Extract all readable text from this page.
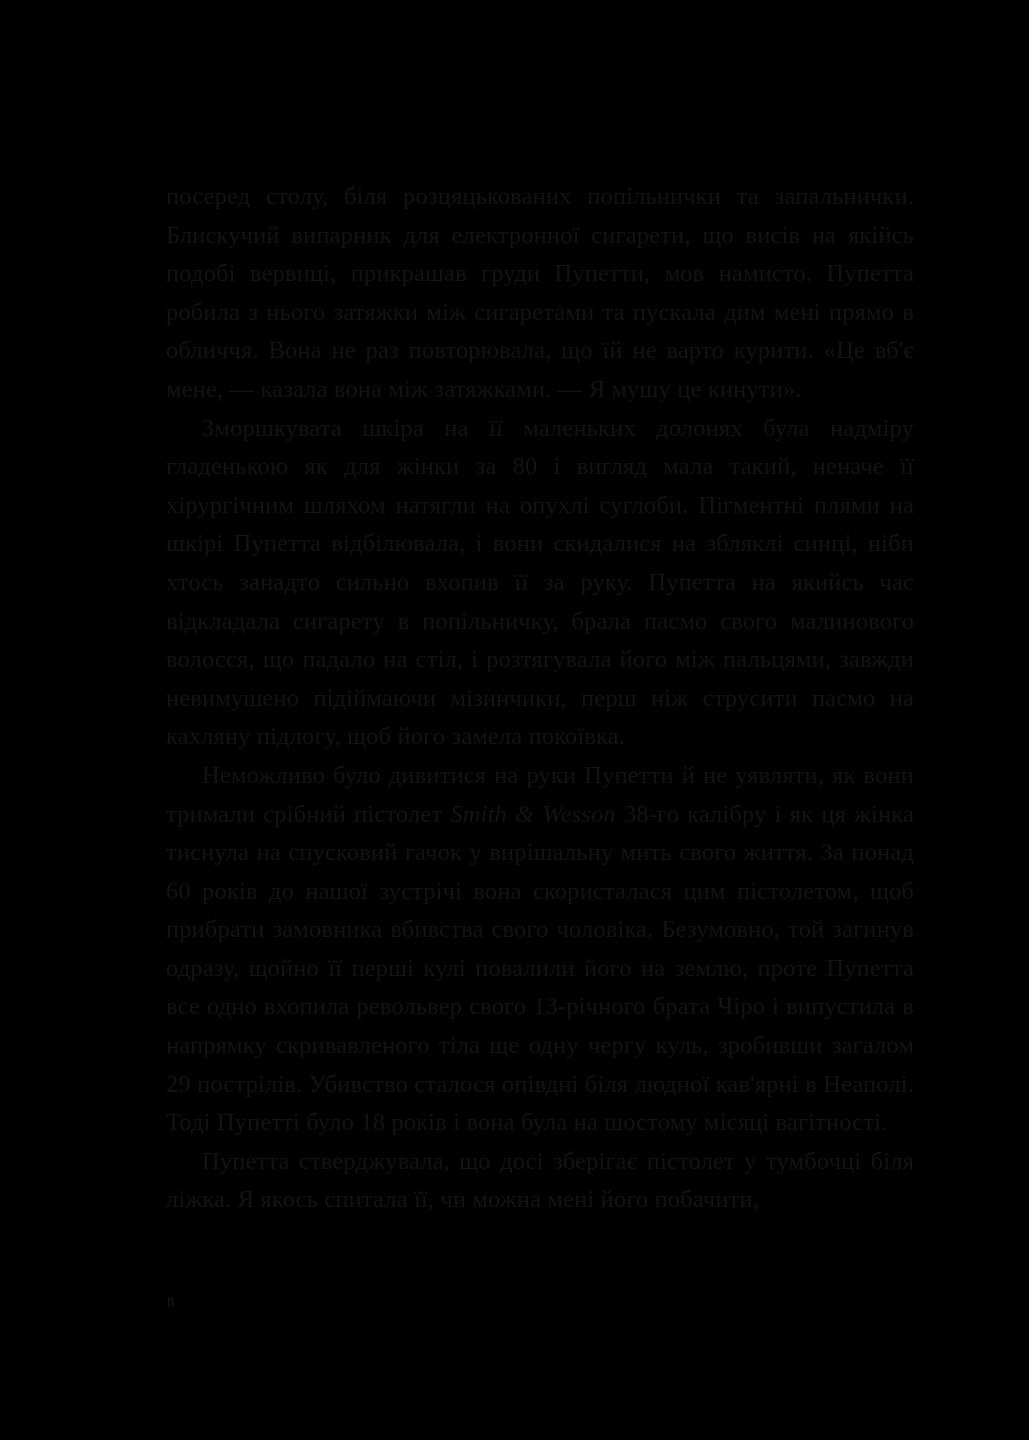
посеред столу, біля розцяцькованих попільнички та запальнички. Блискучий випарник для електронної сигарети, що висів на якійсь подобі вервиці, прикрашав груди Пупетти, мов намисто. Пупетта робила з нього затяжки між сигаретами та пускала дим мені прямо в обличчя. Вона не раз повторювала, що їй не варто курити. «Це вб'є мене, — казала вона між затяжками. — Я мушу це кинути».

Зморшкувата шкіра на її маленьких долонях була надміру гладенькою як для жінки за 80 і вигляд мала такий, неначе її хірургічним шляхом натягли на опухлі суглоби. Пігментні плями на шкірі Пупетта відбілювала, і вони скидалися на збляклі синці, ніби хтось занадто сильно вхопив її за руку. Пупетта на якийсь час відкладала сигарету в попільничку, брала пасмо свого малинового волосся, що падало на стіл, і розтягувала його між пальцями, завжди невимушено підіймаючи мізинчики, перш ніж струсити пасмо на кахляну підлогу, щоб його замела покоївка.

Неможливо було дивитися на руки Пупетти й не уявляти, як вони тримали срібний пістолет Smith & Wesson 38-го калібру і як ця жінка тиснула на спусковий гачок у вирішальну мить свого життя. За понад 60 років до нашої зустрічі вона скористалася цим пістолетом, щоб прибрати замовника вбивства свого чоловіка. Безумовно, той загинув одразу, щойно її перші кулі повалили його на землю, проте Пупетта все одно вхопила револьвер свого 13-річного брата Чіро і випустила в напрямку скривавленого тіла ще одну чергу куль, зробивши загалом 29 пострілів. Убивство сталося опівдні біля людної кав'ярні в Неаполі. Тоді Пупетті було 18 років і вона була на шостому місяці вагітності.

Пупетта стверджувала, що досі зберігає пістолет у тумбочці біля ліжка. Я якось спитала її, чи можна мені його побачити,

8
